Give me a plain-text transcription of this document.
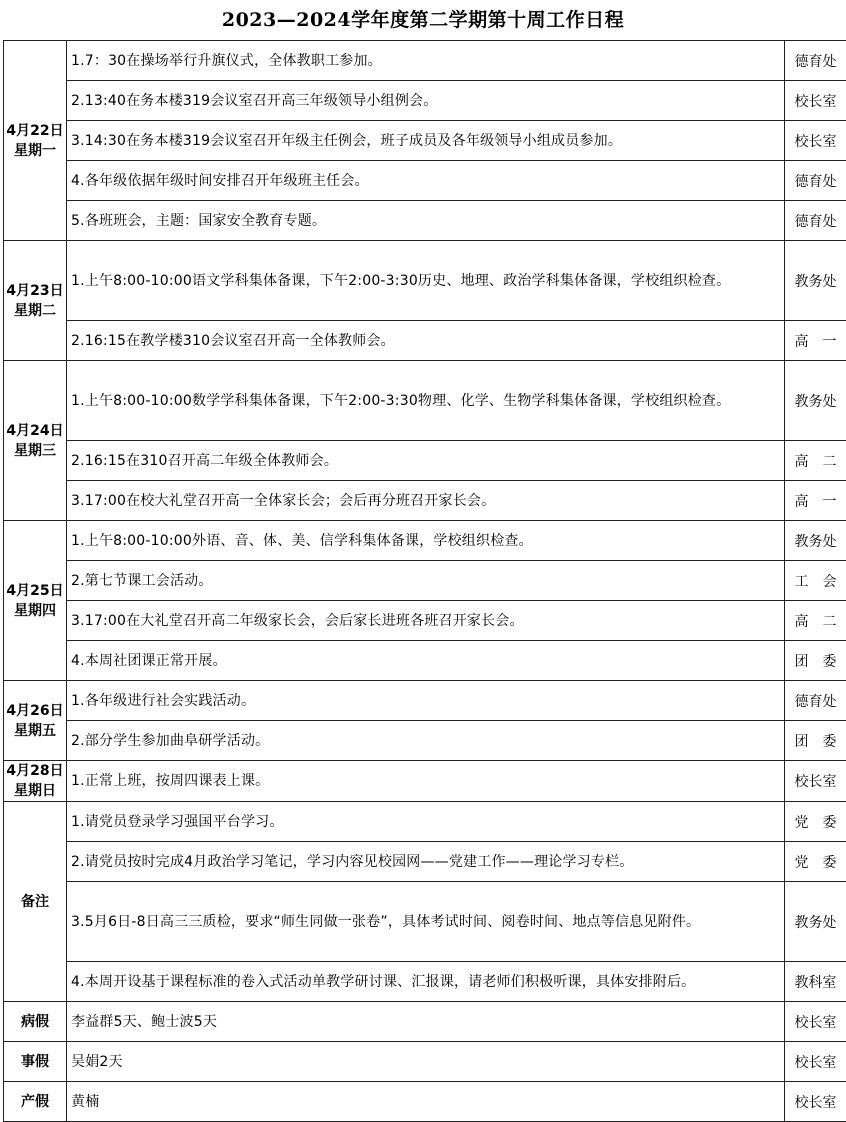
2023—2024学年度第二学期第十周工作日程
4月22日
星期一	1.7：30在操场举行升旗仪式，全体教职工参加。	德育处
	2.13:40在务本楼319会议室召开高三年级领导小组例会。	校长室
	3.14:30在务本楼319会议室召开年级主任例会，班子成员及各年级领导小组成员参加。	校长室
	4.各年级依据年级时间安排召开年级班主任会。	德育处
	5.各班班会，主题：国家安全教育专题。	德育处

4月23日
星期二	1.上午8:00-10:00语文学科集体备课，下午2:00-3:30历史、地理、政治学科集体备课，学校组织检查。	教务处
	2.16:15在教学楼310会议室召开高一全体教师会。	高　一

4月24日
星期三	1.上午8:00-10:00数学学科集体备课，下午2:00-3:30物理、化学、生物学科集体备课，学校组织检查。	教务处
	2.16:15在310召开高二年级全体教师会。	高　二
	3.17:00在校大礼堂召开高一全体家长会；会后再分班召开家长会。	高　一

4月25日
星期四	1.上午8:00-10:00外语、音、体、美、信学科集体备课，学校组织检查。	教务处
	2.第七节课工会活动。	工　会
	3.17:00在大礼堂召开高二年级家长会，会后家长进班各班召开家长会。	高　二
	4.本周社团课正常开展。	团　委

4月26日
星期五	1.各年级进行社会实践活动。	德育处
	2.部分学生参加曲阜研学活动。	团　委

4月28日
星期日	1.正常上班，按周四课表上课。	校长室
备注	1.请党员登录学习强国平台学习。	党　委
	2.请党员按时完成4月政治学习笔记，学习内容见校园网——党建工作——理论学习专栏。	党　委
	3.5月6日-8日高三三质检，要求“师生同做一张卷”，具体考试时间、阅卷时间、地点等信息见附件。	教务处
	4.本周开设基于课程标准的卷入式活动单教学研讨课、汇报课，请老师们积极听课，具体安排附后。	教科室
病假	李益群5天、鲍士波5天	校长室
事假	吴娟2天	校长室
产假	黄楠	校长室
